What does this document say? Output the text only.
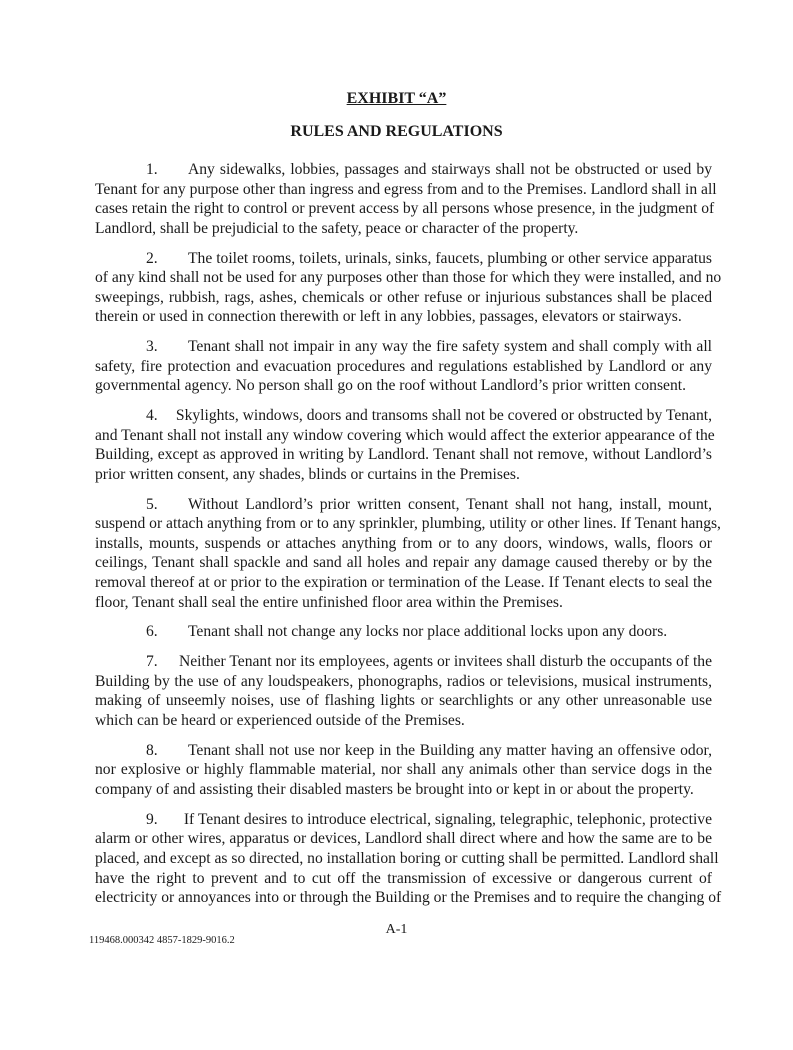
EXHIBIT “A”
RULES AND REGULATIONS
1.	Any sidewalks, lobbies, passages and stairways shall not be obstructed or used by
Tenant for any purpose other than ingress and egress from and to the Premises. Landlord shall in all
cases retain the right to control or prevent access by all persons whose presence, in the judgment of
Landlord, shall be prejudicial to the safety, peace or character of the property.
2.	The toilet rooms, toilets, urinals, sinks, faucets, plumbing or other service apparatus
of any kind shall not be used for any purposes other than those for which they were installed, and no
sweepings, rubbish, rags, ashes, chemicals or other refuse or injurious substances shall be placed
therein or used in connection therewith or left in any lobbies, passages, elevators or stairways.
3.	Tenant shall not impair in any way the fire safety system and shall comply with all
safety, fire protection and evacuation procedures and regulations established by Landlord or any
governmental agency. No person shall go on the roof without Landlord’s prior written consent.
4.	Skylights, windows, doors and transoms shall not be covered or obstructed by Tenant,
and Tenant shall not install any window covering which would affect the exterior appearance of the
Building, except as approved in writing by Landlord. Tenant shall not remove, without Landlord’s
prior written consent, any shades, blinds or curtains in the Premises.
5.	Without Landlord’s prior written consent, Tenant shall not hang, install, mount,
suspend or attach anything from or to any sprinkler, plumbing, utility or other lines. If Tenant hangs,
installs, mounts, suspends or attaches anything from or to any doors, windows, walls, floors or
ceilings, Tenant shall spackle and sand all holes and repair any damage caused thereby or by the
removal thereof at or prior to the expiration or termination of the Lease. If Tenant elects to seal the
floor, Tenant shall seal the entire unfinished floor area within the Premises.
6.	Tenant shall not change any locks nor place additional locks upon any doors.
7.	Neither Tenant nor its employees, agents or invitees shall disturb the occupants of the
Building by the use of any loudspeakers, phonographs, radios or televisions, musical instruments,
making of unseemly noises, use of flashing lights or searchlights or any other unreasonable use
which can be heard or experienced outside of the Premises.
8.	Tenant shall not use nor keep in the Building any matter having an offensive odor,
nor explosive or highly flammable material, nor shall any animals other than service dogs in the
company of and assisting their disabled masters be brought into or kept in or about the property.
9.	If Tenant desires to introduce electrical, signaling, telegraphic, telephonic, protective
alarm or other wires, apparatus or devices, Landlord shall direct where and how the same are to be
placed, and except as so directed, no installation boring or cutting shall be permitted. Landlord shall
have the right to prevent and to cut off the transmission of excessive or dangerous current of
electricity or annoyances into or through the Building or the Premises and to require the changing of
A-1
119468.000342 4857-1829-9016.2
